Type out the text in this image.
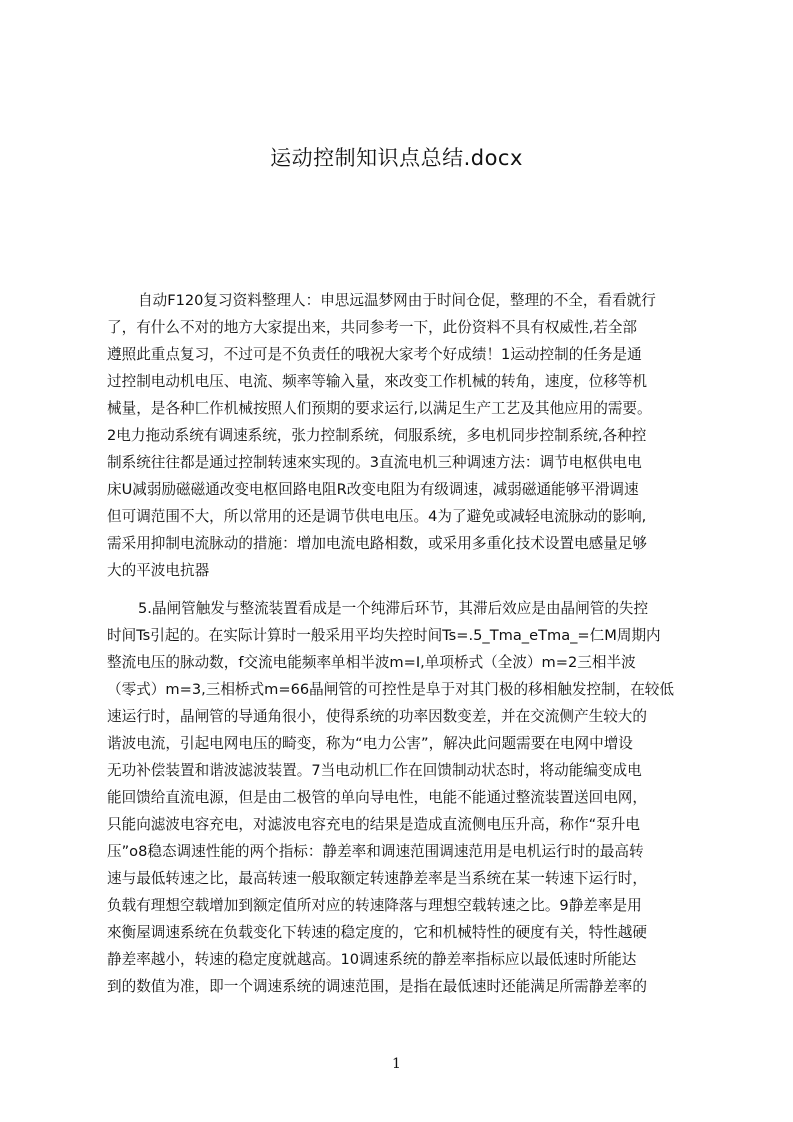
运动控制知识点总结.docx
自动F120复习资料整理人：申思远温梦网由于时间仓促，整理的不全，看看就行
了，有什么不对的地方大家提出来，共同参考一下，此份资料不具有权威性,若全部
遵照此重点复习，不过可是不负责任的哦祝大家考个好成绩！1运动控制的任务是通
过控制电动机电压、电流、频率等输入量，來改变工作机械的转角，速度，位移等机
械量，是各种匚作机械按照人们预期的要求运行,以满足生产工艺及其他应用的需要。
2电力拖动系统有调速系统，张力控制系统，伺服系统，多电机同步控制系统,各种控
制系统往往都是通过控制转速來实现的。3直流电机三种调速方法：调节电枢供电电
床U减弱励磁磁通改变电枢回路电阻R改变电阻为有级调速，减弱磁通能够平滑调速
但可调范围不大，所以常用的还是调节供电电压。4为了避免或减轻电流脉动的影响,
需采用抑制电流脉动的措施：增加电流电路相数，或采用多重化技术设置电感量足够
大的平波电抗器
5.晶闸管触发与整流装置看成是一个纯滞后环节，其滞后效应是由晶闸管的失控
时间Ts引起的。在实际计算时一般采用平均失控时间Ts=.5_Tma_eTma_=仁M周期内
整流电压的脉动数，f交流电能频率单相半波m=I,单项桥式（全波）m=2三相半波
（零式）m=3,三相桥式m=66晶闸管的可控性是阜于对其门极的移相触发控制，在较低
速运行时，晶闸管的导通角很小，使得系统的功率因数变差，并在交流侧产生较大的
谐波电流，引起电网电压的畸变，称为“电力公害”，解决此问题需要在电网中增设
无功补偿装置和谐波滤波装置。7当电动机匚作在回馈制动状态时，将动能编变成电
能回馈给直流电源，但是由二极管的单向导电性，电能不能通过整流装置送回电网，
只能向滤波电容充电，对滤波电容充电的结果是造成直流侧电压升高，称作“泵升电
压”o8稳态调速性能的两个指标：静差率和调速范围调速范用是电机运行时的最高转
速与最低转速之比，最高转速一般取额定转速静差率是当系统在某一转速下运行时，
负载有理想空载增加到额定值所对应的转速降落与理想空载转速之比。9静差率是用
來衡屋调速系统在负载变化下转速的稳定度的，它和机械特性的硬度有关，特性越硬
静差率越小，转速的稳定度就越高。10调速系统的静差率指标应以最低速时所能达
到的数值为准，即一个调速系统的调速范围，是指在最低速时还能满足所需静差率的
1
